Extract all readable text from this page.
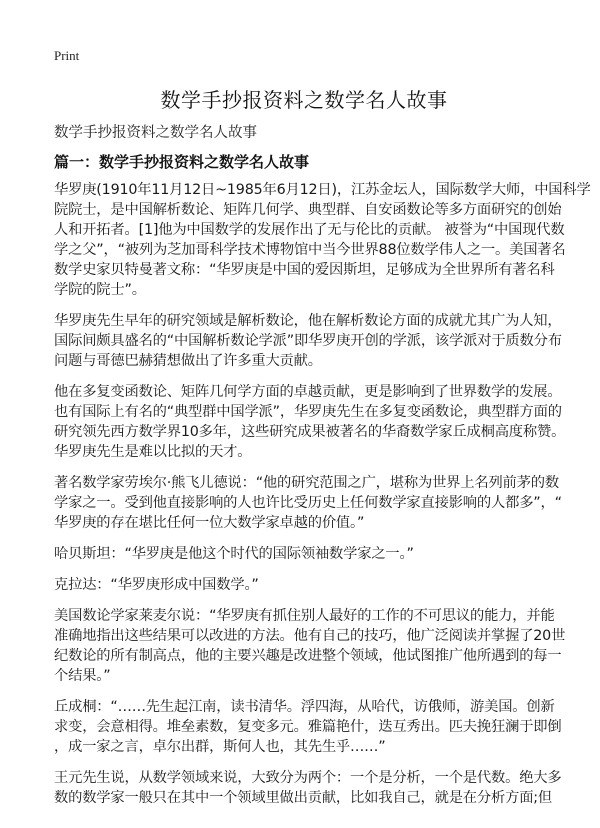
Print
数学手抄报资料之数学名人故事
数学手抄报资料之数学名人故事
篇一：数学手抄报资料之数学名人故事

华罗庚(1910年11月12日~1985年6月12日)，江苏金坛人，国际数学大师，中国科学
院院士，是中国解析数论、矩阵几何学、典型群、自安函数论等多方面研究的创始
人和开拓者。[1]他为中国数学的发展作出了无与伦比的贡献。 被誉为“中国现代数
学之父”，“被列为芝加哥科学技术博物馆中当今世界88位数学伟人之一。美国著名
数学史家贝特曼著文称：“华罗庚是中国的爱因斯坦，足够成为全世界所有著名科
学院的院士”。

华罗庚先生早年的研究领域是解析数论，他在解析数论方面的成就尤其广为人知，
国际间颇具盛名的“中国解析数论学派”即华罗庚开创的学派，该学派对于质数分布
问题与哥德巴赫猜想做出了许多重大贡献。

他在多复变函数论、矩阵几何学方面的卓越贡献，更是影响到了世界数学的发展。
也有国际上有名的“典型群中国学派”，华罗庚先生在多复变函数论，典型群方面的
研究领先西方数学界10多年，这些研究成果被著名的华裔数学家丘成桐高度称赞。
华罗庚先生是难以比拟的天才。

著名数学家劳埃尔·熊飞儿德说：“他的研究范围之广，堪称为世界上名列前茅的数
学家之一。受到他直接影响的人也许比受历史上任何数学家直接影响的人都多”，“
华罗庚的存在堪比任何一位大数学家卓越的价值。”

哈贝斯坦：“华罗庚是他这个时代的国际领袖数学家之一。”

克拉达：“华罗庚形成中国数学。”

美国数论学家莱麦尔说：“华罗庚有抓住别人最好的工作的不可思议的能力，并能
准确地指出这些结果可以改进的方法。他有自己的技巧，他广泛阅读并掌握了20世
纪数论的所有制高点，他的主要兴趣是改进整个领域，他试图推广他所遇到的每一
个结果。”

丘成桐：“……先生起江南，读书清华。浮四海，从哈代，访俄师，游美国。创新
求变，会意相得。堆垒素数，复变多元。雅篇艳什，迭互秀出。匹夫挽狂澜于即倒
，成一家之言，卓尔出群，斯何人也，其先生乎……”

王元先生说，从数学领域来说，大致分为两个：一个是分析，一个是代数。绝大多
数的数学家一般只在其中一个领域里做出贡献，比如我自己，就是在分析方面;但
